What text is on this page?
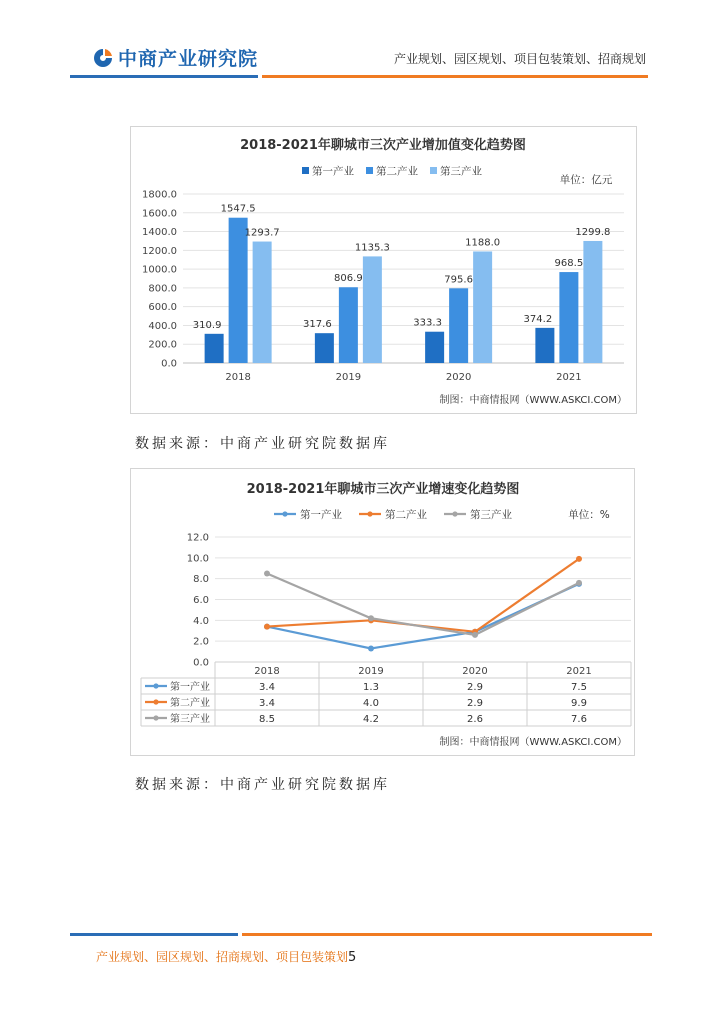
中商产业研究院	产业规划、园区规划、项目包装策划、招商规划
2018-2021年聊城市三次产业增加值变化趋势图
第一产业 第二产业 第三产业
单位：亿元
0.0
200.0
400.0
600.0
800.0
1000.0
1200.0
1400.0
1600.0
1800.0
310.9
1547.5
1293.7
2018
317.6
806.9
1135.3
2019
333.3
795.6
1188.0
2020
374.2
968.5
1299.8
2021
制图：中商情报网（WWW.ASKCI.COM）
数据来源：中商产业研究院数据库
2018-2021年聊城市三次产业增速变化趋势图
第一产业	第二产业	第三产业	单位：%
0.0
2.0
4.0
6.0
8.0
10.0
12.0
2018	2019	2020	2021
第一产业	3.4	1.3	2.9	7.5
第二产业	3.4	4.0	2.9	9.9
第三产业	8.5	4.2	2.6	7.6
制图：中商情报网（WWW.ASKCI.COM）
数据来源：中商产业研究院数据库
产业规划、园区规划、招商规划、项目包装策划5
